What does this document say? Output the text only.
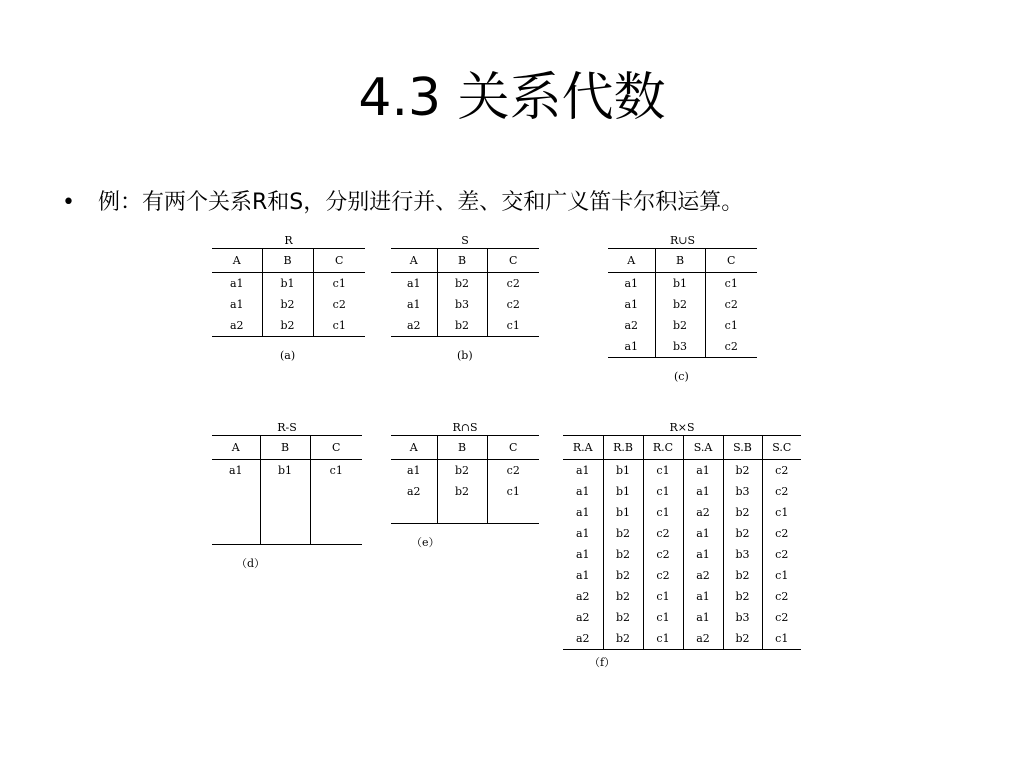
4.3 关系代数
• 例：有两个关系R和S，分别进行并、差、交和广义笛卡尔积运算。
R
A	B	C
a1	b1	c1
a1	b2	c2
a2	b2	c1
(a)
S
A	B	C
a1	b2	c2
a1	b3	c2
a2	b2	c1
(b)
R∪S
A	B	C
a1	b1	c1
a1	b2	c2
a2	b2	c1
a1	b3	c2
(c)
R-S
A	B	C
a1	b1	c1

（d）
R∩S
A	B	C
a1	b2	c2
a2	b2	c1

（e）
R×S
R.A	R.B	R.C	S.A	S.B	S.C
a1	b1	c1	a1	b2	c2
a1	b1	c1	a1	b3	c2
a1	b1	c1	a2	b2	c1
a1	b2	c2	a1	b2	c2
a1	b2	c2	a1	b3	c2
a1	b2	c2	a2	b2	c1
a2	b2	c1	a1	b2	c2
a2	b2	c1	a1	b3	c2
a2	b2	c1	a2	b2	c1
（f）
